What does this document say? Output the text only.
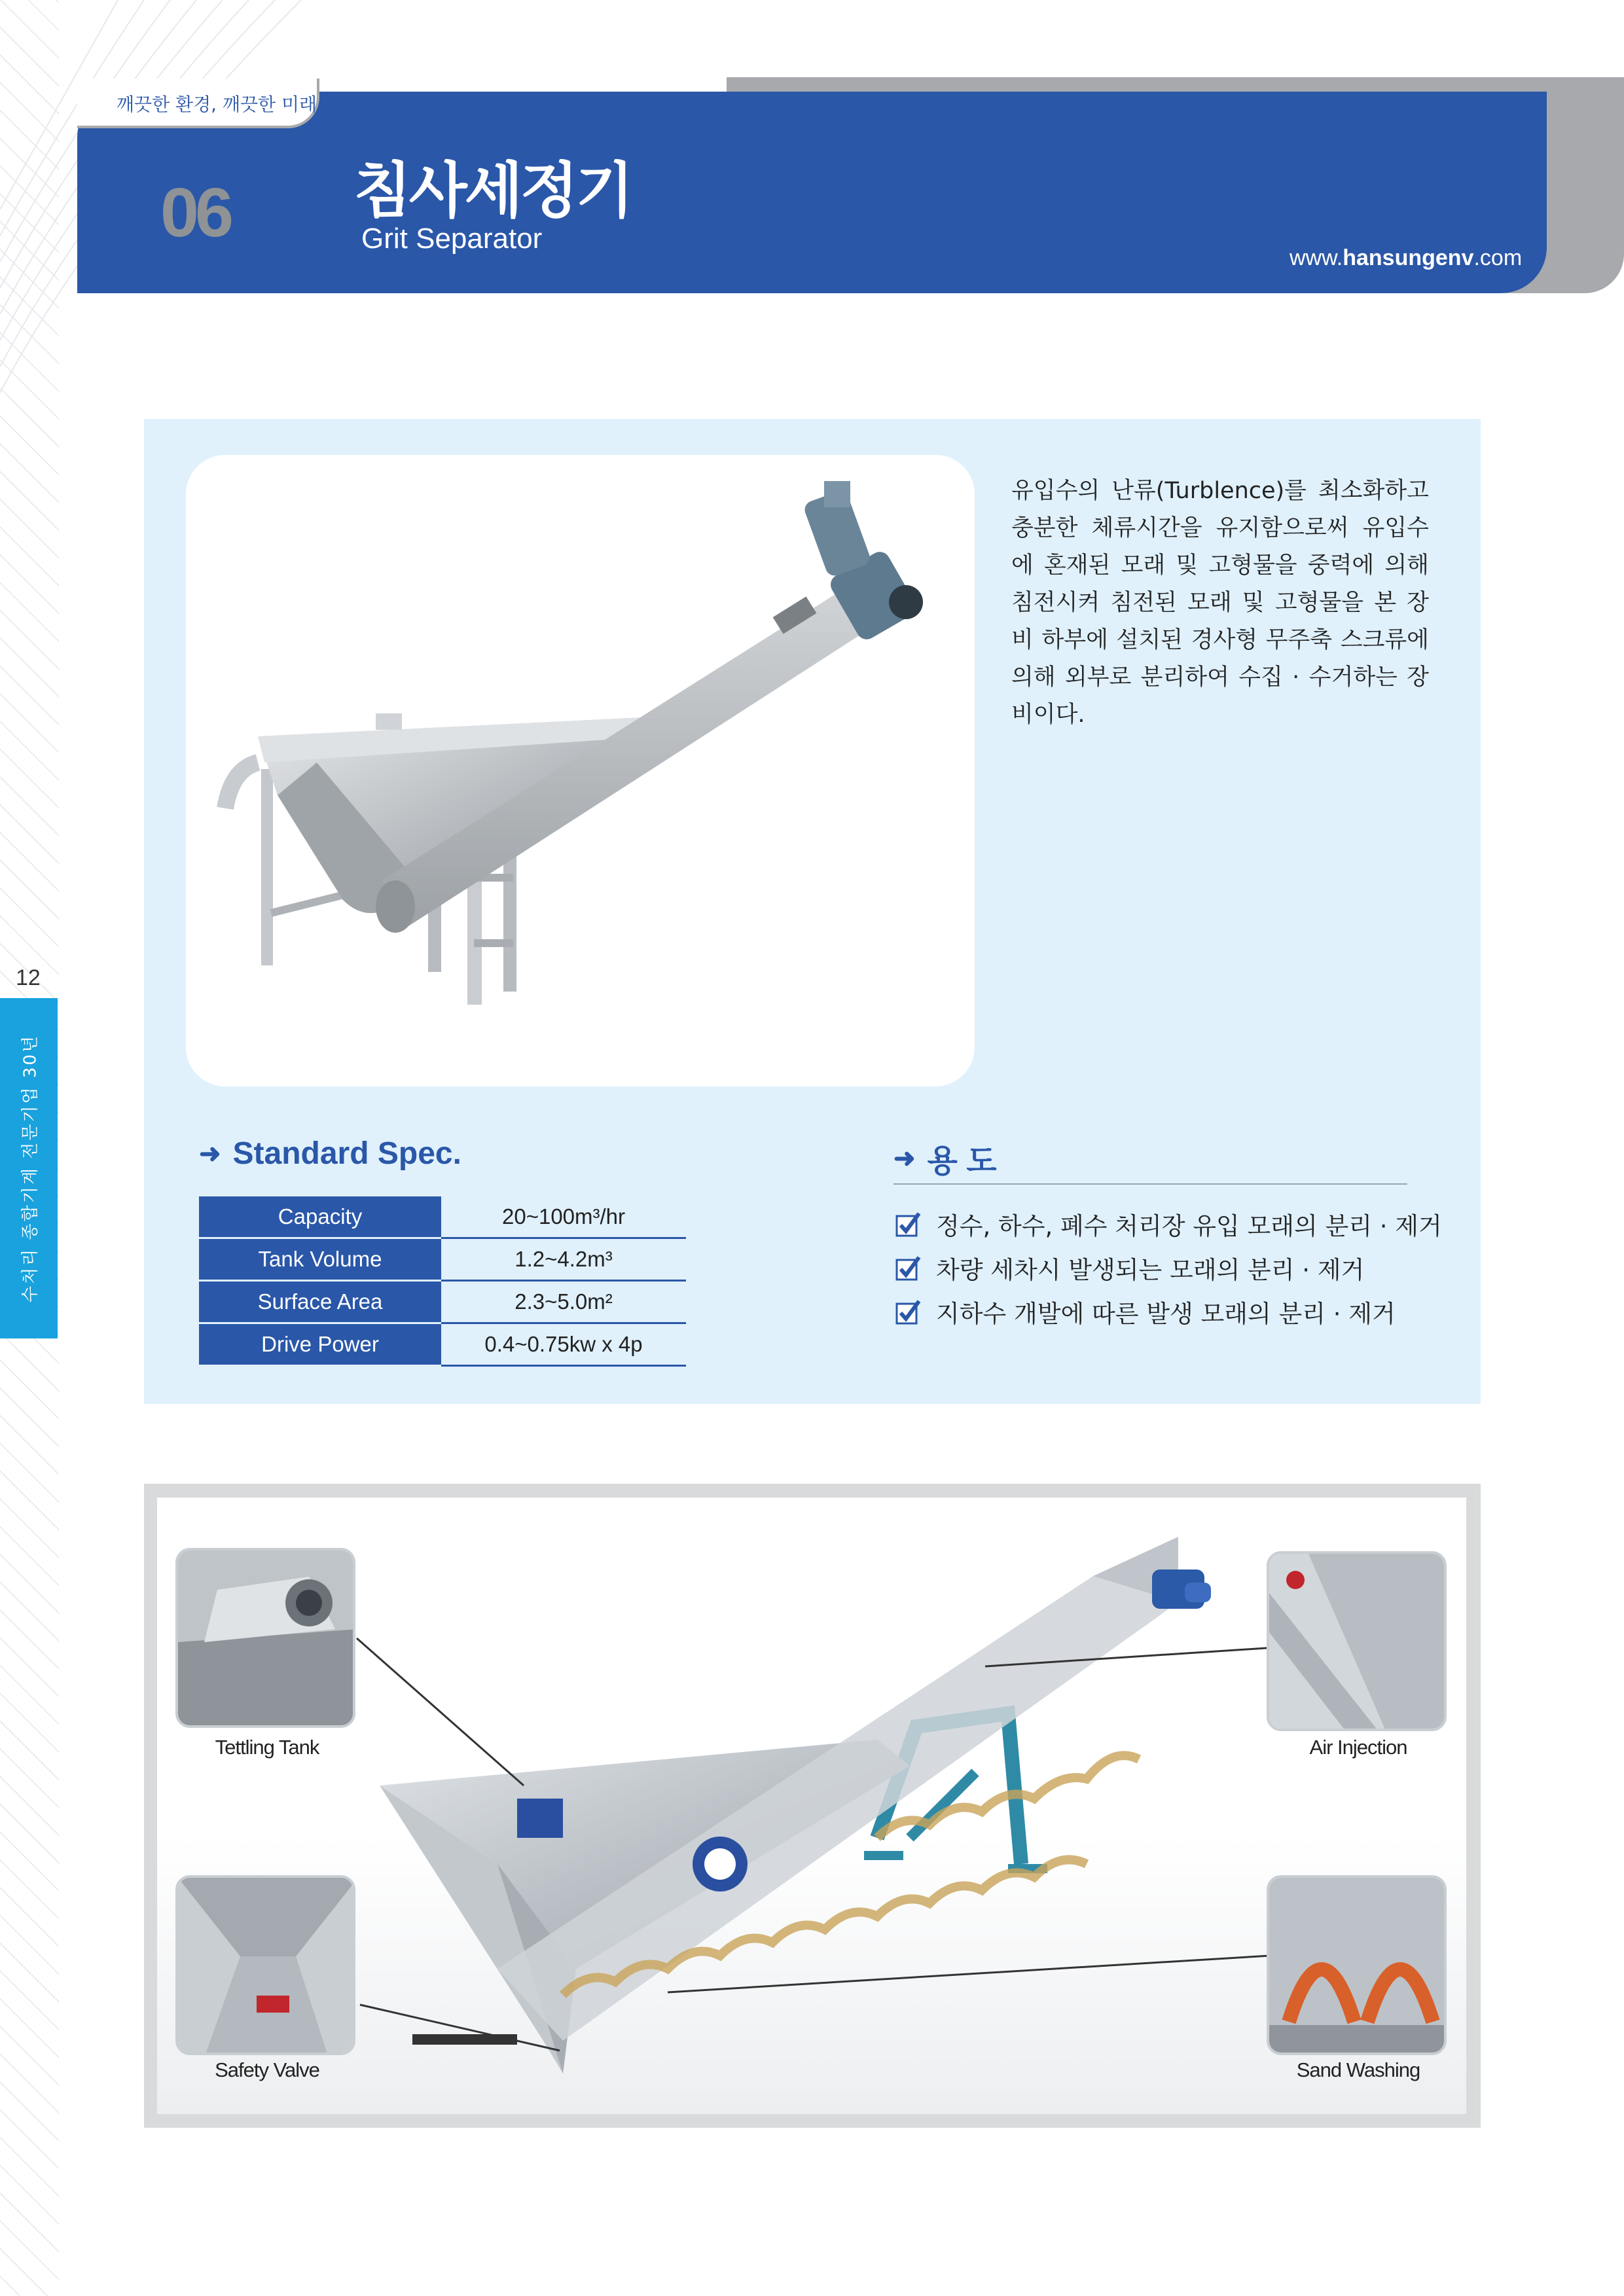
깨끗한 환경, 깨끗한 미래
06 침사세정기
Grit Separator
www.hansungenv.com
12
수처리 종합기계 전문기업 30년
유입수의 난류(Turblence)를 최소화하고 충분한 체류시간을 유지함으로써 유입수에 혼재된 모래 및 고형물을 중력에 의해 침전시켜 침전된 모래 및 고형물을 본 장비 하부에 설치된 경사형 무주축 스크류에 의해 외부로 분리하여 수집 · 수거하는 장비이다.
➜ Standard Spec.
Capacity	20~100m³/hr
Tank Volume	1.2~4.2m³
Surface Area	2.3~5.0m²
Drive Power	0.4~0.75kw x 4p
➜ 용 도
정수, 하수, 폐수 처리장 유입 모래의 분리 · 제거
차량 세차시 발생되는 모래의 분리 · 제거
지하수 개발에 따른 발생 모래의 분리 · 제거
Tettling Tank
Safety Valve
Air Injection
Sand Washing
